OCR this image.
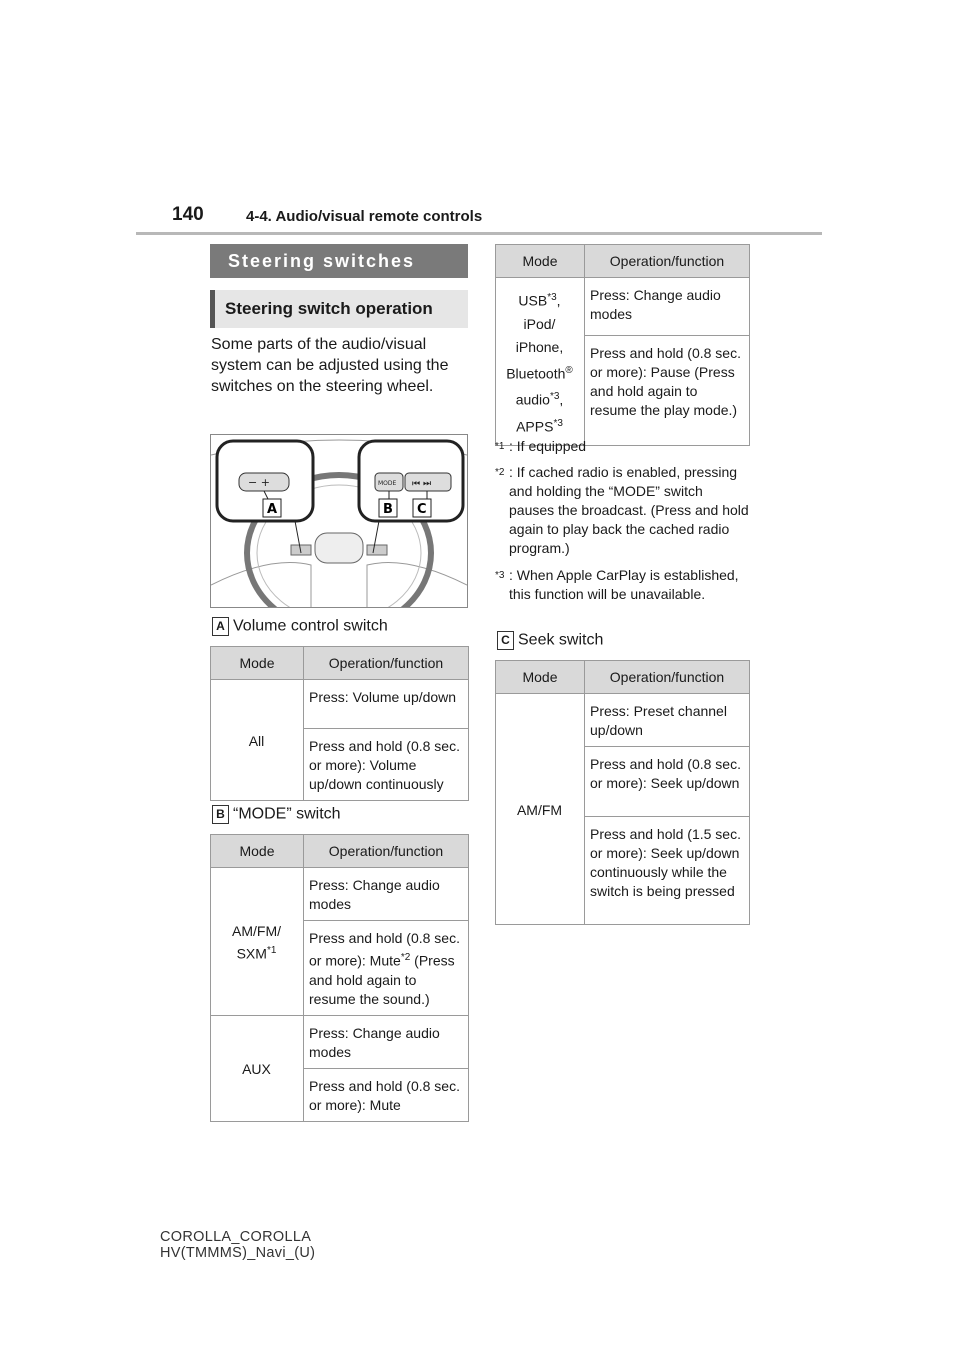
140	4-4. Audio/visual remote controls
Steering switches
Steering switch operation
Some parts of the audio/visual system can be adjusted using the switches on the steering wheel.
− +	MODE ⏮ ⏭
A	B C
A Volume control switch
Mode	Operation/function
All	Press: Volume up/down
	Press and hold (0.8 sec. or more): Volume up/down continuously
B “MODE” switch
Mode	Operation/function
AM/FM/ SXM$^{*1}$	Press: Change audio modes
	Press and hold (0.8 sec. or more): Mute$^{*2}$ (Press and hold again to resume the sound.)
AUX	Press: Change audio modes
	Press and hold (0.8 sec. or more): Mute
Mode	Operation/function
USB$^{*3}$, iPod/ iPhone, Bluetooth® audio$^{*3}$, APPS$^{*3}$	Press: Change audio modes
	Press and hold (0.8 sec. or more): Pause (Press and hold again to resume the play mode.)
*1 : If equipped
*2 : If cached radio is enabled, pressing and holding the “MODE” switch pauses the broadcast. (Press and hold again to play back the cached radio program.)
*3 : When Apple CarPlay is established, this function will be unavailable.
C Seek switch
Mode	Operation/function
AM/FM	Press: Preset channel up/down
	Press and hold (0.8 sec. or more): Seek up/down
	Press and hold (1.5 sec. or more): Seek up/down continuously while the switch is being pressed
COROLLA_COROLLA
HV(TMMMS)_Navi_(U)
